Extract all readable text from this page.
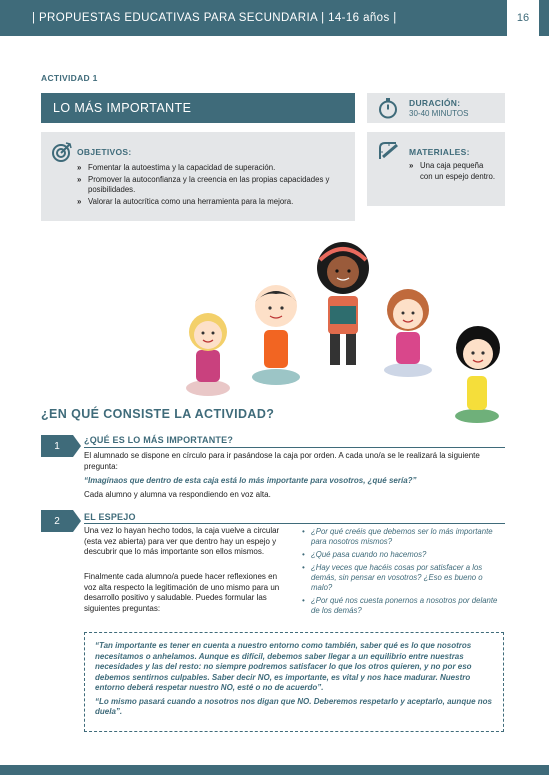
| PROPUESTAS EDUCATIVAS PARA SECUNDARIA | 14-16 años |	16
ACTIVIDAD 1
LO MÁS IMPORTANTE	DURACIÓN:
30-40 MINUTOS
OBJETIVOS:
» Fomentar la autoestima y la capacidad de superación.
» Promover la autoconfianza y la creencia en las propias capacidades y posibilidades.
» Valorar la autocrítica como una herramienta para la mejora.
MATERIALES:
» Una caja pequeña con un espejo dentro.
¿EN QUÉ CONSISTE LA ACTIVIDAD?
1
¿QUÉ ES LO MÁS IMPORTANTE?
El alumnado se dispone en círculo para ir pasándose la caja por orden. A cada uno/a se le realizará la siguiente pregunta:
“Imagínaos que dentro de esta caja está lo más importante para vosotros, ¿qué sería?”
Cada alumno y alumna va respondiendo en voz alta.
2	EL ESPEJO
Una vez lo hayan hecho todos, la caja vuelve a circular (esta vez abierta) para ver que dentro hay un espejo y descubrir que lo más importante son ellos mismos.
Finalmente cada alumno/a puede hacer reflexiones en voz alta respecto la legitimación de uno mismo para un desarrollo positivo y saludable. Puedes formular las siguientes preguntas:
• ¿Por qué creéis que debemos ser lo más importante para nosotros mismos?
• ¿Qué pasa cuando no hacemos?
• ¿Hay veces que hacéis cosas por satisfacer a los demás, sin pensar en vosotros? ¿Eso es bueno o malo?
• ¿Por qué nos cuesta ponernos a nosotros por delante de los demás?

“Tan importante es tener en cuenta a nuestro entorno como también, saber qué es lo que nosotros necesitamos o anhelamos. Aunque es difícil, debemos saber llegar a un equilibrio entre nuestras necesidades y las del resto: no siempre podremos satisfacer lo que los otros quieren, y no por eso debemos sentirnos culpables. Saber decir NO, es importante, es vital y nos hace madurar. Nuestro entorno deberá respetar nuestro NO, esté o no de acuerdo”.

“Lo mismo pasará cuando a nosotros nos digan que NO. Deberemos respetarlo y aceptarlo, aunque nos duela”.
